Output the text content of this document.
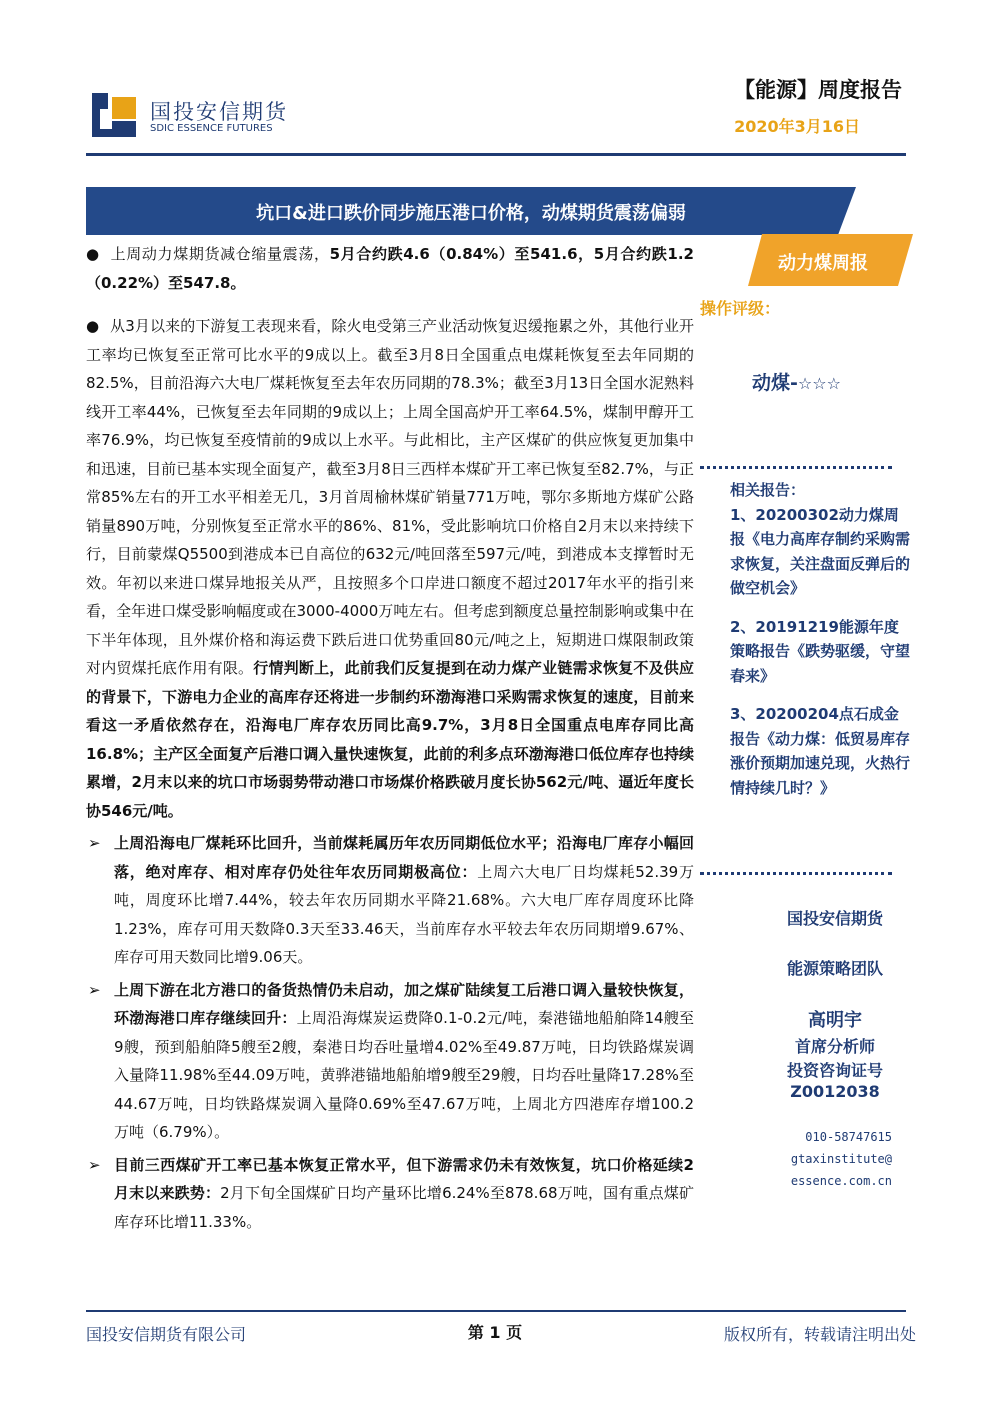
国投安信期货
SDIC ESSENCE FUTURES
【能源】周度报告
2020年3月16日
坑口&进口跌价同步施压港口价格，动煤期货震荡偏弱
动力煤周报

● 上周动力煤期货减仓缩量震荡，5月合约跌4.6（0.84%）至541.6，5月合约跌1.2（0.22%）至547.8。

● 从3月以来的下游复工表现来看，除火电受第三产业活动恢复迟缓拖累之外，其他行业开工率均已恢复至正常可比水平的9成以上。截至3月8日全国重点电煤耗恢复至去年同期的82.5%，目前沿海六大电厂煤耗恢复至去年农历同期的78.3%；截至3月13日全国水泥熟料线开工率44%，已恢复至去年同期的9成以上；上周全国高炉开工率64.5%，煤制甲醇开工率76.9%，均已恢复至疫情前的9成以上水平。与此相比，主产区煤矿的供应恢复更加集中和迅速，目前已基本实现全面复产，截至3月8日三西样本煤矿开工率已恢复至82.7%，与正常85%左右的开工水平相差无几，3月首周榆林煤矿销量771万吨，鄂尔多斯地方煤矿公路销量890万吨，分别恢复至正常水平的86%、81%，受此影响坑口价格自2月末以来持续下行，目前蒙煤Q5500到港成本已自高位的632元/吨回落至597元/吨，到港成本支撑暂时无效。年初以来进口煤异地报关从严，且按照多个口岸进口额度不超过2017年水平的指引来看，全年进口煤受影响幅度或在3000-4000万吨左右。但考虑到额度总量控制影响或集中在下半年体现，且外煤价格和海运费下跌后进口优势重回80元/吨之上，短期进口煤限制政策对内贸煤托底作用有限。行情判断上，此前我们反复提到在动力煤产业链需求恢复不及供应的背景下，下游电力企业的高库存还将进一步制约环渤海港口采购需求恢复的速度，目前来看这一矛盾依然存在，沿海电厂库存农历同比高9.7%，3月8日全国重点电库存同比高16.8%；主产区全面复产后港口调入量快速恢复，此前的利多点环渤海港口低位库存也持续累增，2月末以来的坑口市场弱势带动港口市场煤价格跌破月度长协562元/吨、逼近年度长协546元/吨。

➢ 上周沿海电厂煤耗环比回升，当前煤耗属历年农历同期低位水平；沿海电厂库存小幅回落，绝对库存、相对库存仍处往年农历同期极高位：上周六大电厂日均煤耗52.39万吨，周度环比增7.44%，较去年农历同期水平降21.68%。六大电厂库存周度环比降1.23%，库存可用天数降0.3天至33.46天，当前库存水平较去年农历同期增9.67%、库存可用天数同比增9.06天。
➢ 上周下游在北方港口的备货热情仍未启动，加之煤矿陆续复工后港口调入量较快恢复，环渤海港口库存继续回升：上周沿海煤炭运费降0.1-0.2元/吨，秦港锚地船舶降14艘至9艘，预到船舶降5艘至2艘，秦港日均吞吐量增4.02%至49.87万吨，日均铁路煤炭调入量降11.98%至44.09万吨，黄骅港锚地船舶增9艘至29艘，日均吞吐量降17.28%至44.67万吨，日均铁路煤炭调入量降0.69%至47.67万吨，上周北方四港库存增100.2万吨（6.79%）。
➢ 目前三西煤矿开工率已基本恢复正常水平，但下游需求仍未有效恢复，坑口价格延续2月末以来跌势：2月下旬全国煤矿日均产量环比增6.24%至878.68万吨，国有重点煤矿库存环比增11.33%。
操作评级：
动煤-☆☆☆

相关报告：

1、20200302动力煤周报《电力高库存制约采购需求恢复，关注盘面反弹后的做空机会》

2、20191219能源年度策略报告《跌势驱缓，守望春来》

3、20200204点石成金报告《动力煤：低贸易库存涨价预期加速兑现，火热行情持续几时？》

国投安信期货
能源策略团队
高明宇
首席分析师
投资咨询证号
Z0012038
010-58747615
gtaxinstitute@
essence.com.cn
国投安信期货有限公司	第 1 页	版权所有，转载请注明出处
